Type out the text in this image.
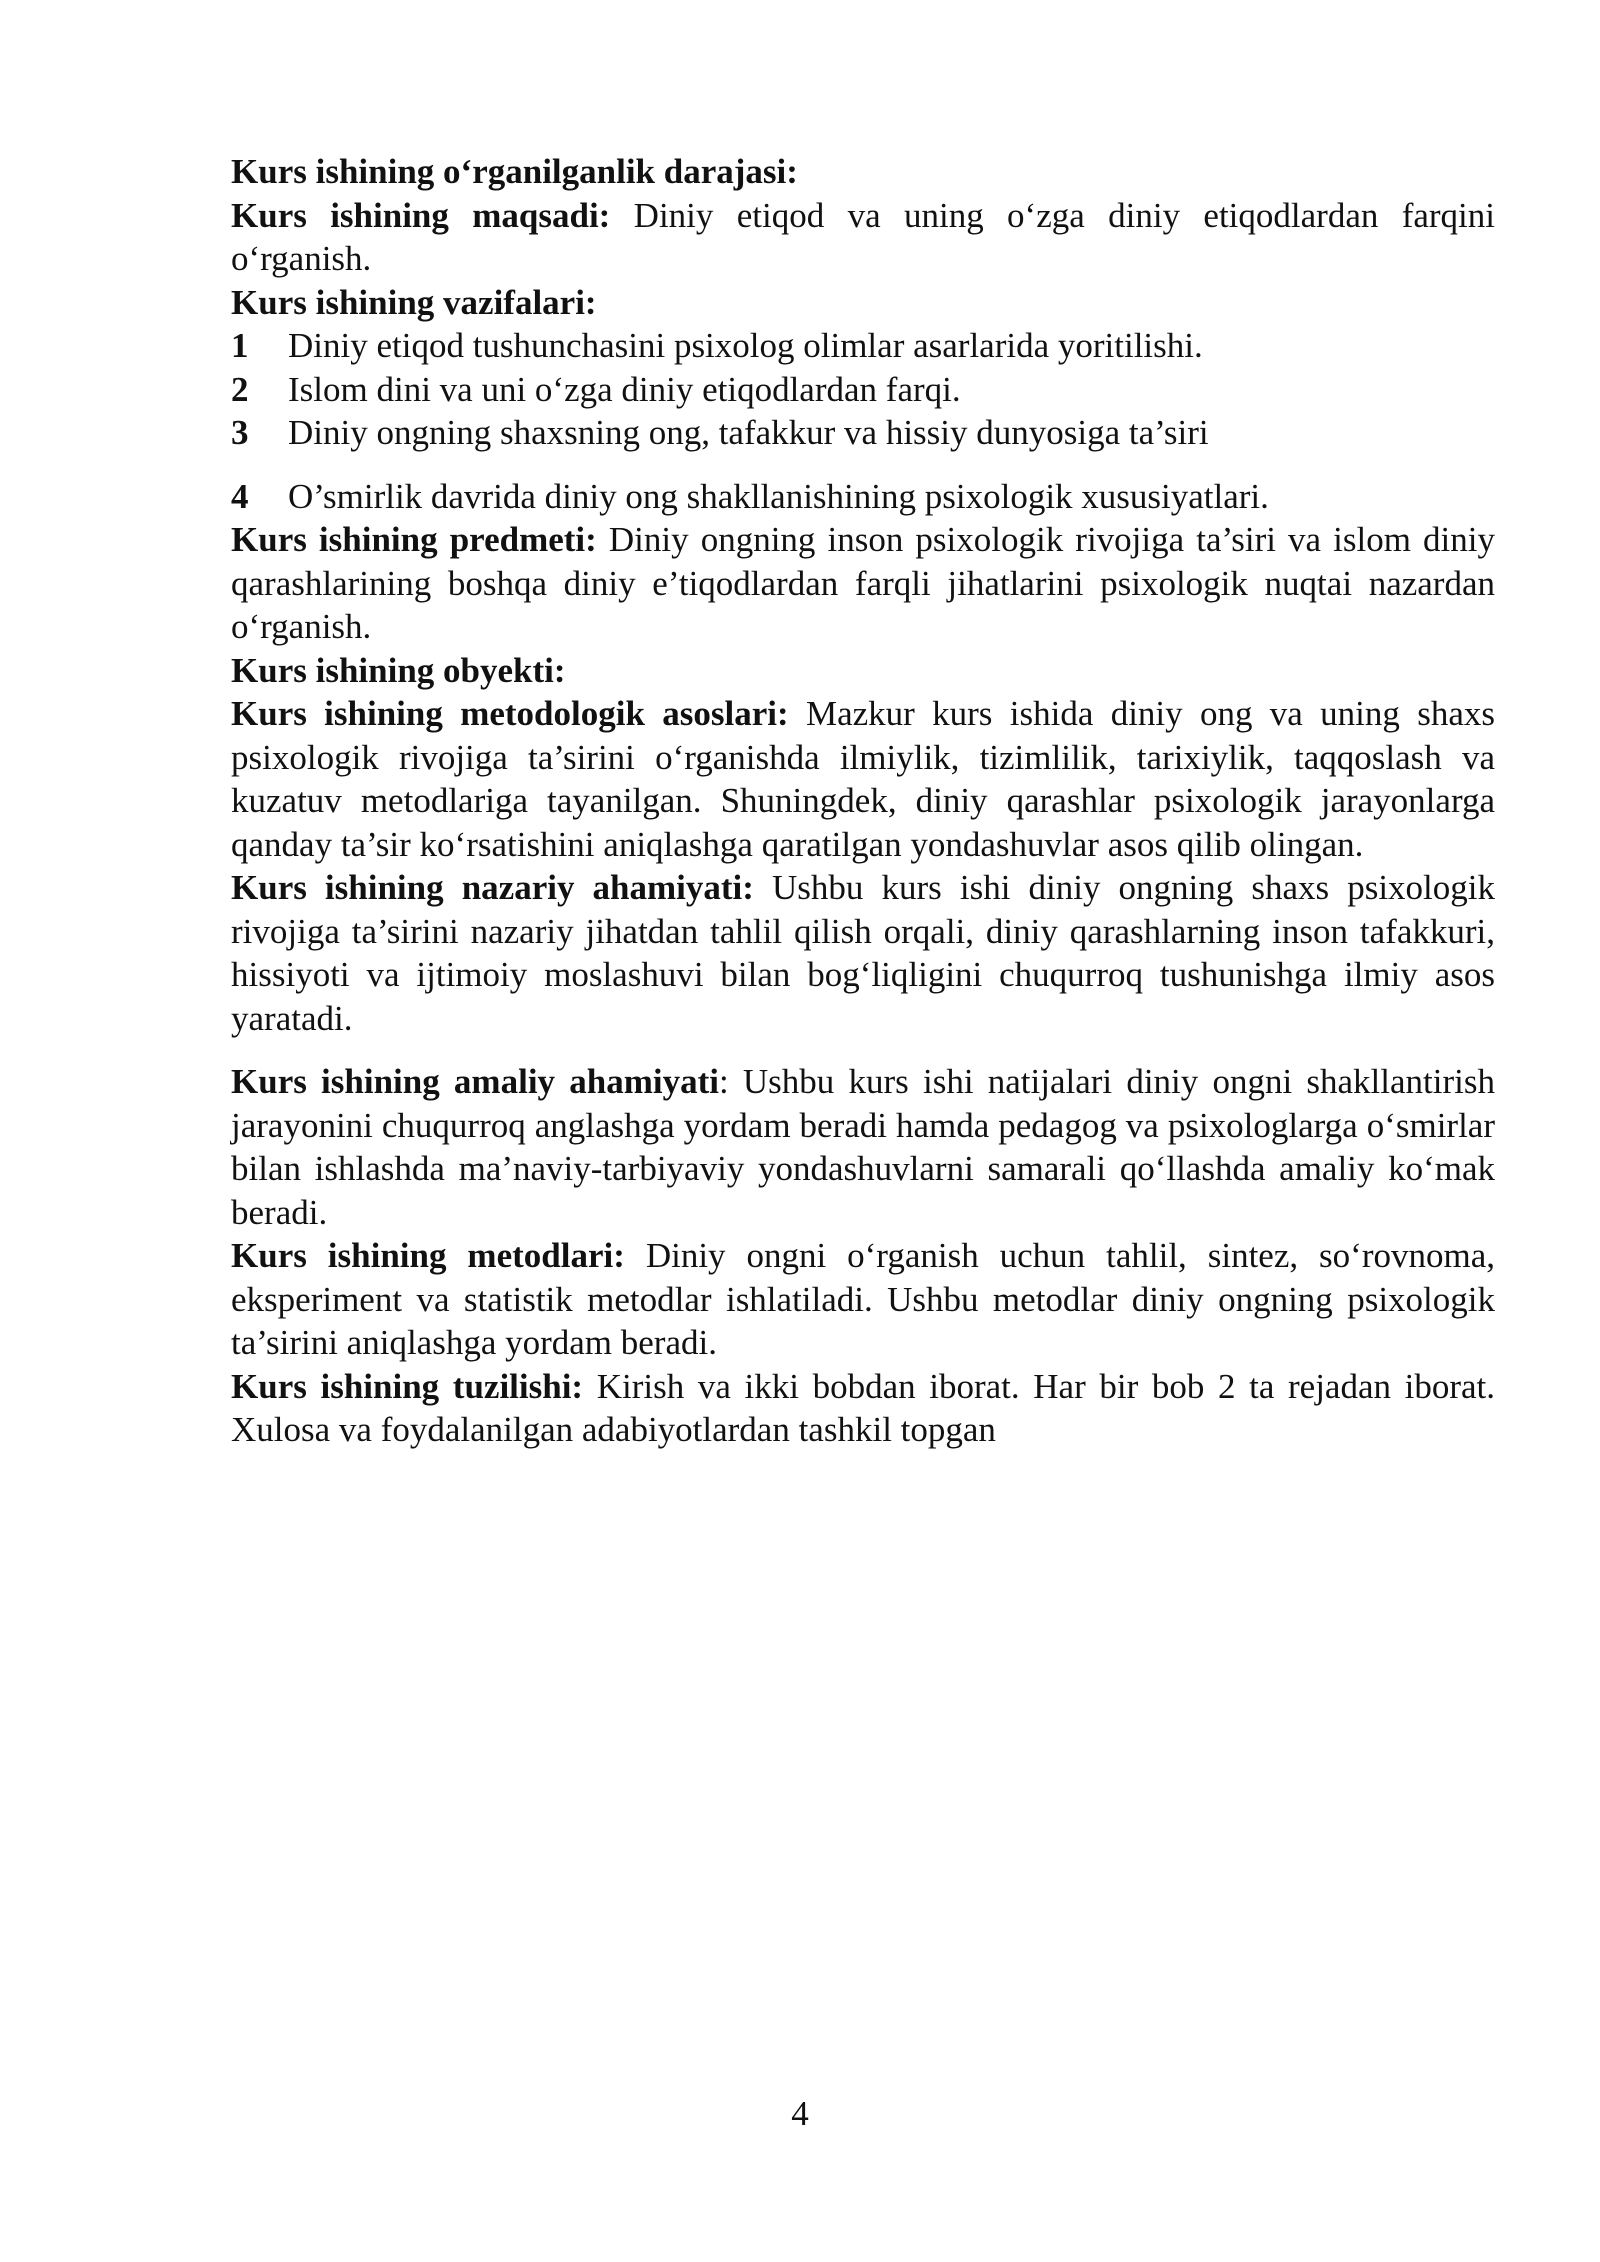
Kurs ishining o‘rganilganlik darajasi:

Kurs ishining maqsadi: Diniy etiqod va uning o‘zga diniy etiqodlardan farqini o‘rganish.

Kurs ishining vazifalari:

1	Diniy etiqod tushunchasini psixolog olimlar asarlarida yoritilishi.
2	Islom dini va uni o‘zga diniy etiqodlardan farqi.
3	Diniy ongning shaxsning ong, tafakkur va hissiy dunyosiga ta’siri
4	O’smirlik davrida diniy ong shakllanishining psixologik xususiyatlari.

Kurs ishining predmeti: Diniy ongning inson psixologik rivojiga ta’siri va islom diniy qarashlarining boshqa diniy e’tiqodlardan farqli jihatlarini psixologik nuqtai nazardan o‘rganish.

Kurs ishining obyekti:

Kurs ishining metodologik asoslari: Mazkur kurs ishida diniy ong va uning shaxs psixologik rivojiga ta’sirini o‘rganishda ilmiylik, tizimlilik, tarixiylik, taqqoslash va kuzatuv metodlariga tayanilgan. Shuningdek, diniy qarashlar psixologik jarayonlarga qanday ta’sir ko‘rsatishini aniqlashga qaratilgan yondashuvlar asos qilib olingan.

Kurs ishining nazariy ahamiyati: Ushbu kurs ishi diniy ongning shaxs psixologik rivojiga ta’sirini nazariy jihatdan tahlil qilish orqali, diniy qarashlarning inson tafakkuri, hissiyoti va ijtimoiy moslashuvi bilan bog‘liqligini chuqurroq tushunishga ilmiy asos yaratadi.

Kurs ishining amaliy ahamiyati: Ushbu kurs ishi natijalari diniy ongni shakllantirish jarayonini chuqurroq anglashga yordam beradi hamda pedagog va psixologlarga o‘smirlar bilan ishlashda ma’naviy-tarbiyaviy yondashuvlarni samarali qo‘llashda amaliy ko‘mak beradi.

Kurs ishining metodlari: Diniy ongni o‘rganish uchun tahlil, sintez, so‘rovnoma, eksperiment va statistik metodlar ishlatiladi. Ushbu metodlar diniy ongning psixologik ta’sirini aniqlashga yordam beradi.

Kurs ishining tuzilishi: Kirish va ikki bobdan iborat. Har bir bob 2 ta rejadan iborat. Xulosa va foydalanilgan adabiyotlardan tashkil topgan

4
